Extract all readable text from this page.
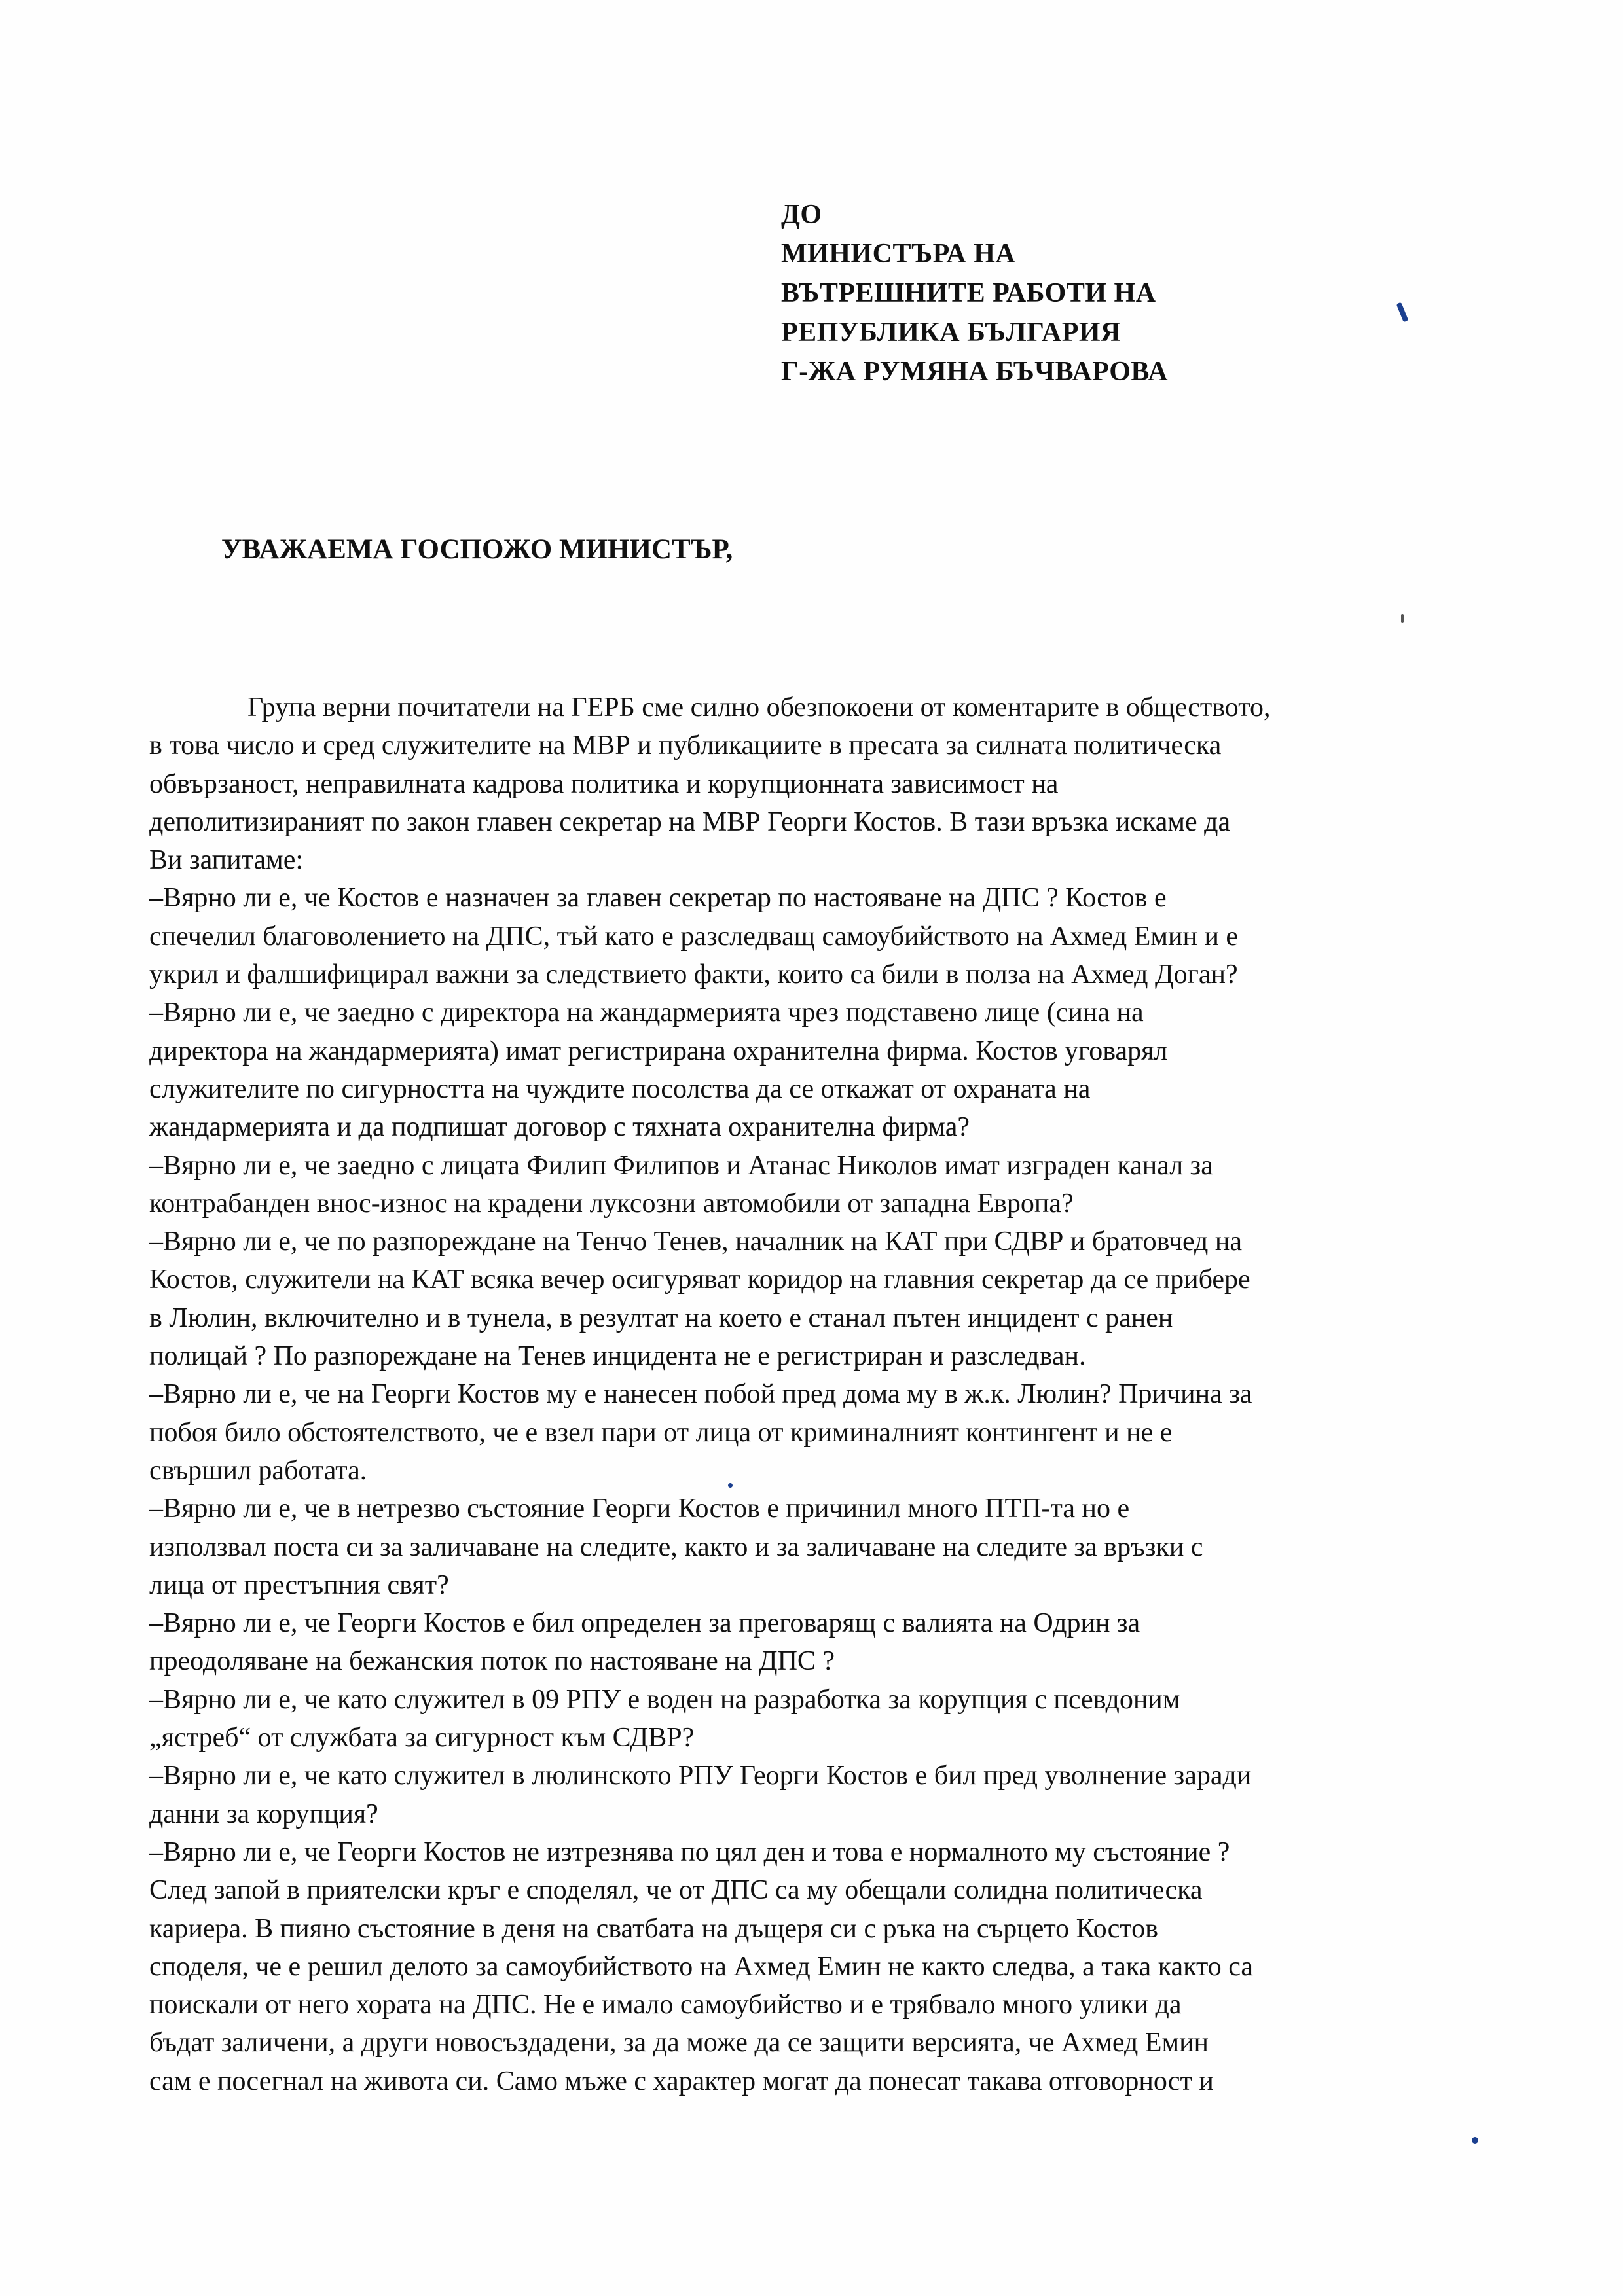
ДО
МИНИСТЪРА НА
ВЪТРЕШНИТЕ РАБОТИ НА
РЕПУБЛИКА БЪЛГАРИЯ
Г-ЖА РУМЯНА БЪЧВАРОВА
УВАЖАЕМА ГОСПОЖО МИНИСТЪР,
Група верни почитатели на ГЕРБ сме силно обезпокоени от коментарите в обществото,
в това число и сред служителите на МВР и публикациите в пресата за силната политическа
обвързаност, неправилната кадрова политика и корупционната зависимост на
деполитизираният по закон главен секретар на МВР Георги Костов. В тази връзка искаме да
Ви запитаме:
–Вярно ли е, че Костов е назначен за главен секретар по настояване на ДПС ? Костов е
спечелил благоволението на ДПС, тъй като е разследващ самоубийството на Ахмед Емин и е
укрил и фалшифицирал важни за следствието факти, които са били в полза на Ахмед Доган?
–Вярно ли е, че заедно с директора на жандармерията чрез подставено лице (сина на
директора на жандармерията) имат регистрирана охранителна фирма. Костов уговарял
служителите по сигурността на чуждите посолства да се откажат от охраната на
жандармерията и да подпишат договор с тяхната охранителна фирма?
–Вярно ли е, че заедно с лицата Филип Филипов и Атанас Николов имат изграден канал за
контрабанден внос-износ на крадени луксозни автомобили от западна Европа?
–Вярно ли е, че по разпореждане на Тенчо Тенев, началник на КАТ при СДВР и братовчед на
Костов, служители на КАТ всяка вечер осигуряват коридор на главния секретар да се прибере
в Люлин, включително и в тунела, в резултат на което е станал пътен инцидент с ранен
полицай ? По разпореждане на Тенев инцидента не е регистриран и разследван.
–Вярно ли е, че на Георги Костов му е нанесен побой пред дома му в ж.к. Люлин? Причина за
побоя било обстоятелството, че е взел пари от лица от криминалният контингент и не е
свършил работата.
–Вярно ли е, че в нетрезво състояние Георги Костов е причинил много ПТП-та но е
използвал поста си за заличаване на следите, както и за заличаване на следите за връзки с
лица от престъпния свят?
–Вярно ли е, че Георги Костов е бил определен за преговарящ с валията на Одрин за
преодоляване на бежанския поток по настояване на ДПС ?
–Вярно ли е, че като служител в 09 РПУ е воден на разработка за корупция с псевдоним
„ястреб“ от службата за сигурност към СДВР?
–Вярно ли е, че като служител в люлинското РПУ Георги Костов е бил пред уволнение заради
данни за корупция?
–Вярно ли е, че Георги Костов не изтрезнява по цял ден и това е нормалното му състояние ?
След запой в приятелски кръг е споделял, че от ДПС са му обещали солидна политическа
кариера. В пияно състояние в деня на сватбата на дъщеря си с ръка на сърцето Костов
споделя, че е решил делото за самоубийството на Ахмед Емин не както следва, а така както са
поискали от него хората на ДПС. Не е имало самоубийство и е трябвало много улики да
бъдат заличени, а други новосъздадени, за да може да се защити версията, че Ахмед Емин
сам е посегнал на живота си. Само мъже с характер могат да понесат такава отговорност и
